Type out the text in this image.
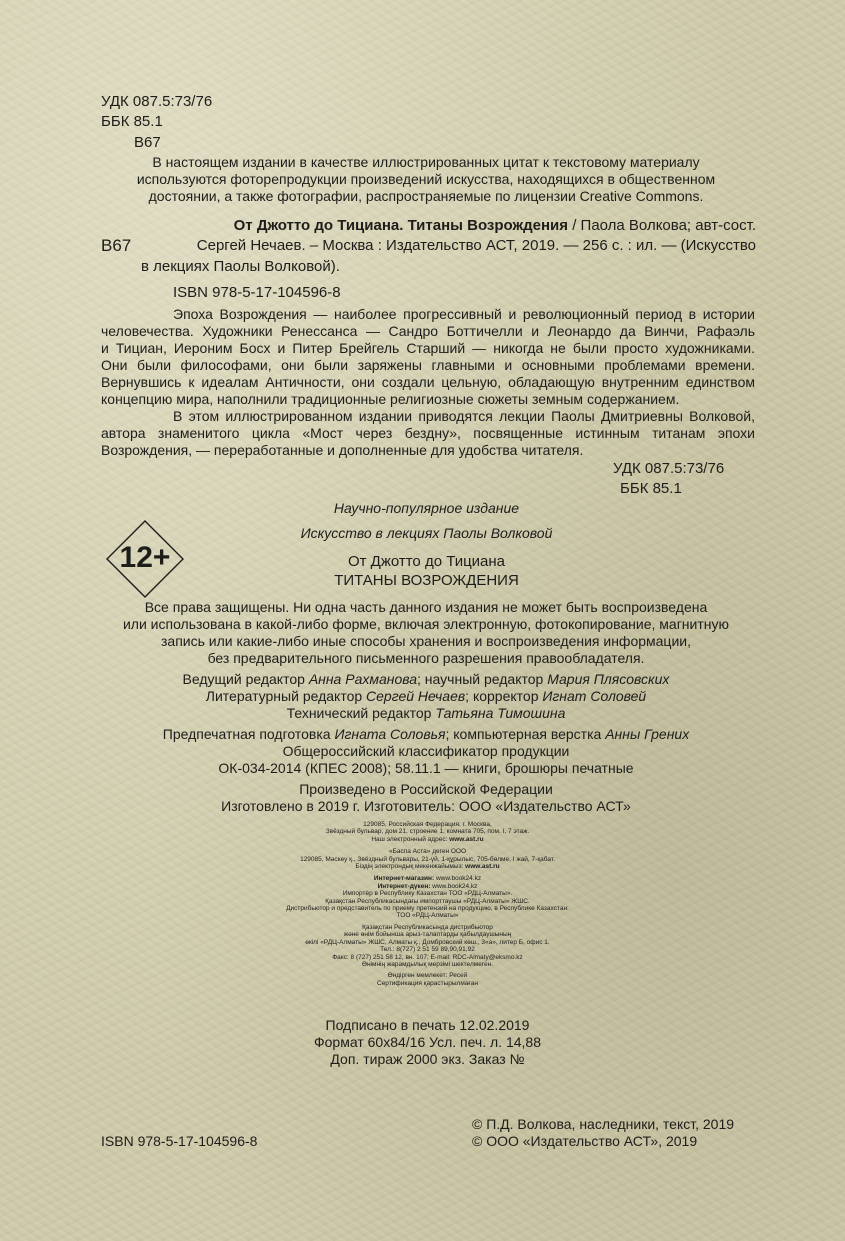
УДК 087.5:73/76
ББК 85.1
В67
В настоящем издании в качестве иллюстрированных цитат к текстовому материалу
используются фоторепродукции произведений искусства, находящихся в общественном
достоянии, а также фотографии, распространяемые по лицензии Creative Commons.
В67
От Джотто до Тициана. Титаны Возрождения / Паола Волкова; авт-сост.
Сергей Нечаев. – Москва : Издательство АСТ, 2019. — 256 с. : ил. — (Искусство
в лекциях Паолы Волковой).
ISBN 978-5-17-104596-8
Эпоха Возрождения — наиболее прогрессивный и революционный период в истории
человечества. Художники Ренессанса — Сандро Боттичелли и Леонардо да Винчи, Рафаэль
и Тициан, Иероним Босх и Питер Брейгель Старший — никогда не были просто художниками.
Они были философами, они были заряжены главными и основными проблемами времени.
Вернувшись к идеалам Античности, они создали цельную, обладающую внутренним единством
концепцию мира, наполнили традиционные религиозные сюжеты земным содержанием.
В этом иллюстрированном издании приводятся лекции Паолы Дмитриевны Волковой,
автора знаменитого цикла «Мост через бездну», посвященные истинным титанам эпохи
Возрождения, — переработанные и дополненные для удобства читателя.
УДК 087.5:73/76
ББК 85.1
Научно-популярное издание
Искусство в лекциях Паолы Волковой
12+	От Джотто до Тициана
ТИТАНЫ ВОЗРОЖДЕНИЯ
Все права защищены. Ни одна часть данного издания не может быть воспроизведена
или использована в какой-либо форме, включая электронную, фотокопирование, магнитную
запись или какие-либо иные способы хранения и воспроизведения информации,
без предварительного письменного разрешения правообладателя.
Ведущий редактор Анна Рахманова; научный редактор Мария Плясовских
Литературный редактор Сергей Нечаев; корректор Игнат Соловей
Технический редактор Татьяна Тимошина
Предпечатная подготовка Игната Соловья; компьютерная верстка Анны Грених
Общероссийский классификатор продукции
ОК-034-2014 (КПЕС 2008); 58.11.1 — книги, брошюры печатные
Произведено в Российской Федерации
Изготовлено в 2019 г. Изготовитель: ООО «Издательство АСТ»
129085, Российская Федерация, г. Москва,
Звёздный бульвар, дом 21, строение 1, комната 705, пом. I, 7 этаж.
Наш электронный адрес: www.ast.ru
«Баспа Аста» деген ООО
129085, Мәскеу қ., Звёздный бульвары, 21-үй, 1-құрылыс, 705-бөлме, I жай, 7-қабат.
Біздің электрондық мекенжайымыз: www.ast.ru
Интернет-магазин: www.book24.kz
Интернет-дүкен: www.book24.kz
Импортёр в Республику Казахстан ТОО «РДЦ-Алматы».
Қазақстан Республикасындағы импорттаушы «РДЦ-Алматы» ЖШС.
Дистрибьютор и представитель по приему претензий на продукцию, в Республике Казахстан:
ТОО «РДЦ-Алматы»
Қазақстан Республикасында дистрибьютор
және өнім бойынша арыз-талаптарды қабылдаушының
өкілі «РДЦ-Алматы» ЖШС, Алматы қ., Домбровский көш., 3«а», литер Б, офис 1.
Тел.: 8(727) 2 51 59 89,90,91,92
Факс: 8 (727) 251 58 12, вн. 107; E-mail: RDC-Almaty@eksmo.kz
Өнімнің жарамдылық мерзімі шектелмеген.
Өндірген мемлекет: Ресей
Сертификация қарастырылмаған
Подписано в печать 12.02.2019
Формат 60x84/16 Усл. печ. л. 14,88
Доп. тираж 2000 экз. Заказ №
ISBN 978-5-17-104596-8
© П.Д. Волкова, наследники, текст, 2019
© ООО «Издательство АСТ», 2019
